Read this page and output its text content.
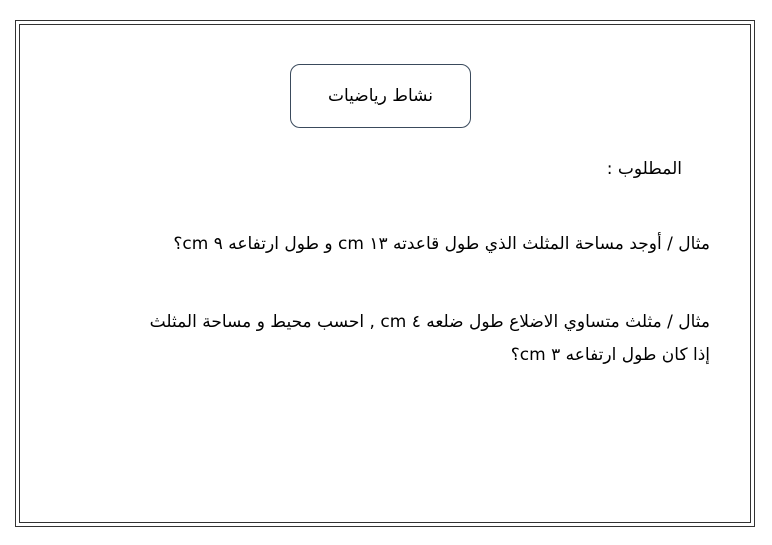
نشاط رياضيات
المطلوب :
مثال / أوجد مساحة المثلث الذي طول قاعدته ١٣ cm و طول ارتفاعه ٩ cm؟
مثال / مثلث متساوي الاضلاع طول ضلعه ٤ cm , احسب محيط و مساحة المثلث
إذا كان طول ارتفاعه ٣ cm؟
